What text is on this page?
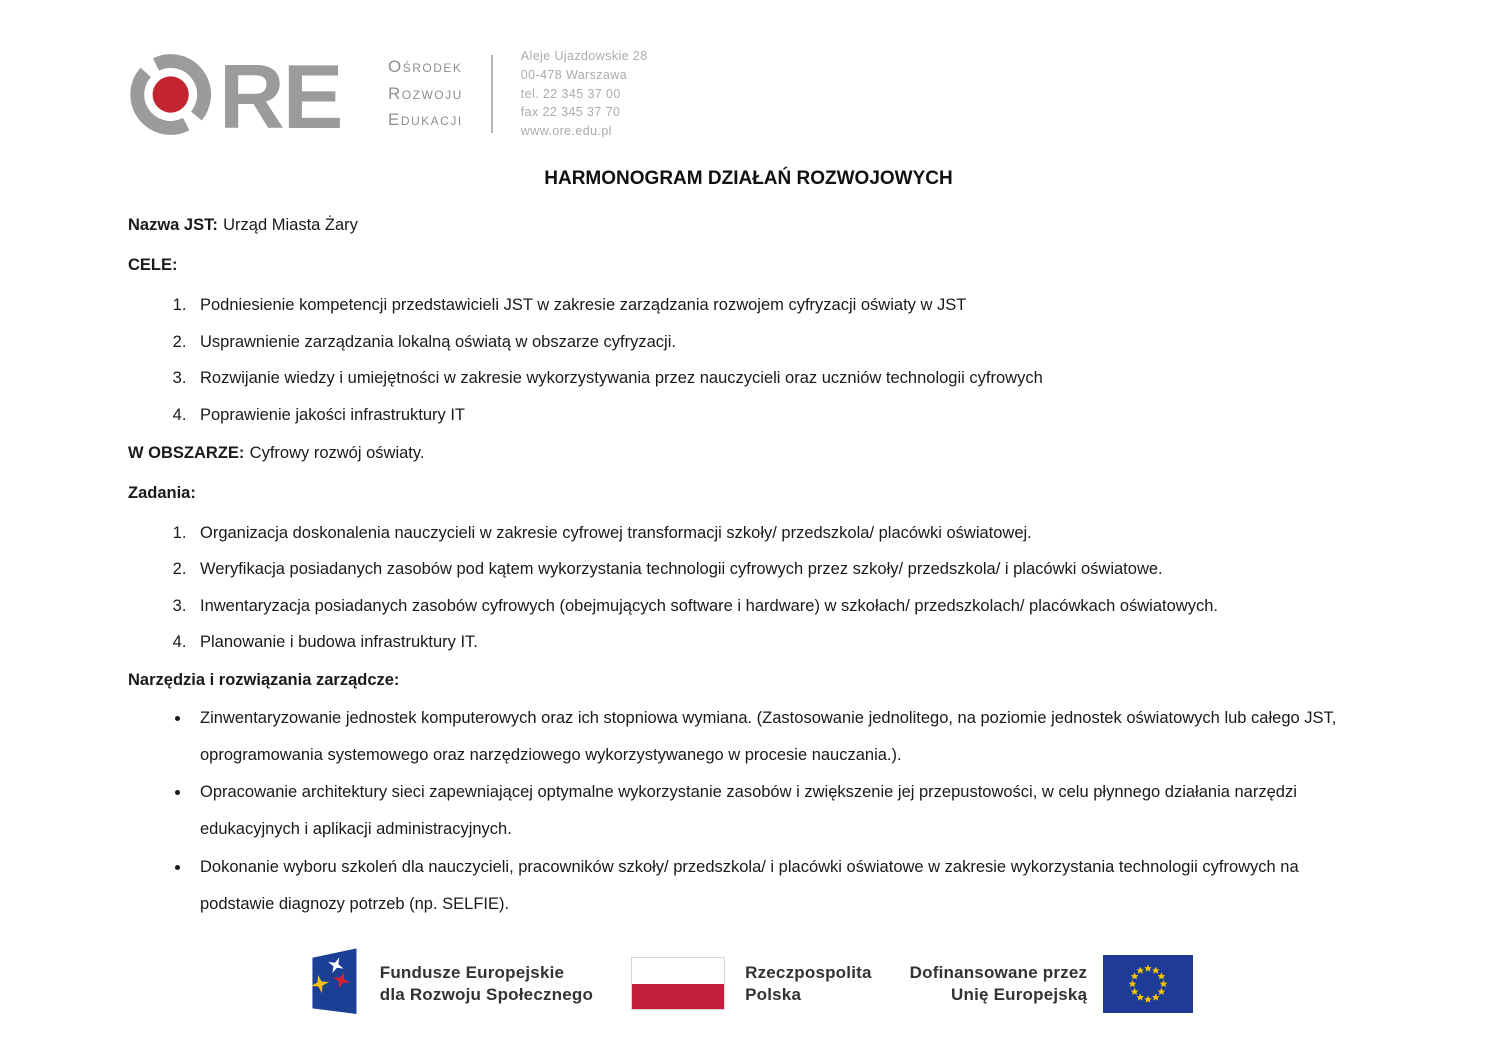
RE	Ośrodek
Rozwoju
Edukacji
Aleje Ujazdowskie 28
00-478 Warszawa
tel. 22 345 37 00
fax 22 345 37 70
www.ore.edu.pl
HARMONOGRAM DZIAŁAŃ ROZWOJOWYCH

Nazwa JST: Urząd Miasta Żary

CELE:

1. Podniesienie kompetencji przedstawicieli JST w zakresie zarządzania rozwojem cyfryzacji oświaty w JST
2. Usprawnienie zarządzania lokalną oświatą w obszarze cyfryzacji.
3. Rozwijanie wiedzy i umiejętności w zakresie wykorzystywania przez nauczycieli oraz uczniów technologii cyfrowych
4. Poprawienie jakości infrastruktury IT

W OBSZARZE: Cyfrowy rozwój oświaty.

Zadania:

1. Organizacja doskonalenia nauczycieli w zakresie cyfrowej transformacji szkoły/ przedszkola/ placówki oświatowej.
2. Weryfikacja posiadanych zasobów pod kątem wykorzystania technologii cyfrowych przez szkoły/ przedszkola/ i placówki oświatowe.
3. Inwentaryzacja posiadanych zasobów cyfrowych (obejmujących software i hardware) w szkołach/ przedszkolach/ placówkach oświatowych.
4. Planowanie i budowa infrastruktury IT.

Narzędzia i rozwiązania zarządcze:

• Zinwentaryzowanie jednostek komputerowych oraz ich stopniowa wymiana. (Zastosowanie jednolitego, na poziomie jednostek oświatowych lub całego JST, oprogramowania systemowego oraz narzędziowego wykorzystywanego w procesie nauczania.).
• Opracowanie architektury sieci zapewniającej optymalne wykorzystanie zasobów i zwiększenie jej przepustowości, w celu płynnego działania narzędzi edukacyjnych i aplikacji administracyjnych.
• Dokonanie wyboru szkoleń dla nauczycieli, pracowników szkoły/ przedszkola/ i placówki oświatowe w zakresie wykorzystania technologii cyfrowych na podstawie diagnozy potrzeb (np. SELFIE).
Fundusze Europejskie
dla Rozwoju Społecznego
Rzeczpospolita
Polska
Dofinansowane przez
Unię Europejską
